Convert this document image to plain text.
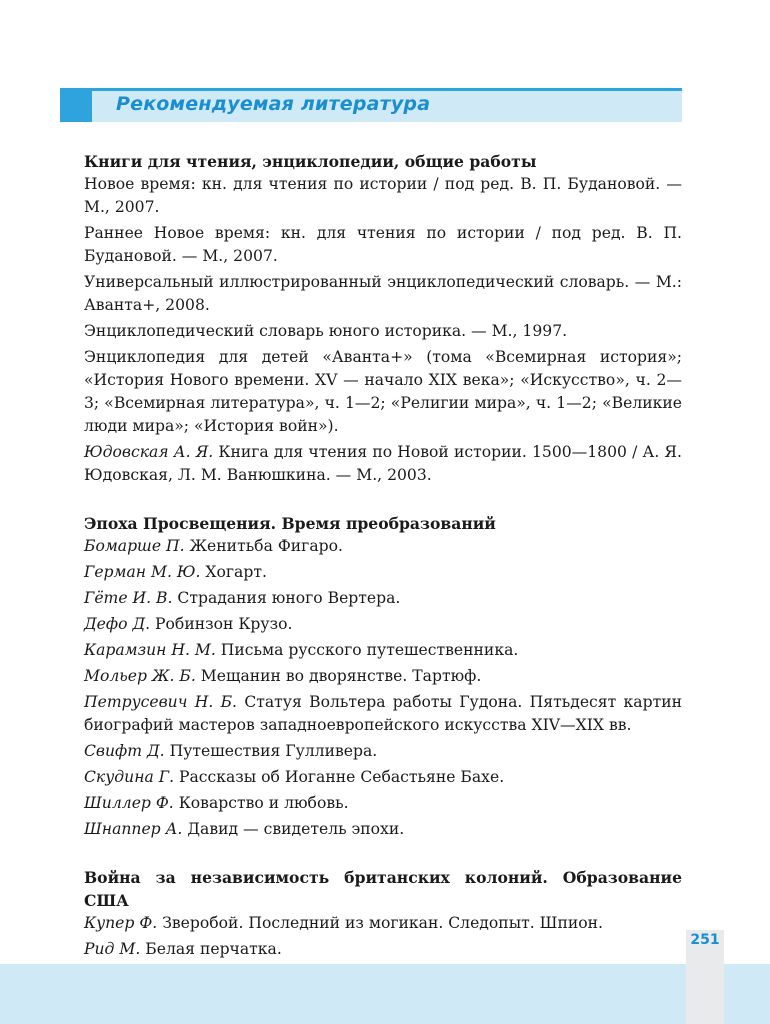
Рекомендуемая литература

Книги для чтения, энциклопедии, общие работы

Новое время: кн. для чтения по истории / под ред. В. П. Будановой. — М., 2007.

Раннее Новое время: кн. для чтения по истории / под ред. В. П. Будановой. — М., 2007.

Универсальный иллюстрированный энциклопедический словарь. — М.: Аванта+, 2008.

Энциклопедический словарь юного историка. — М., 1997.

Энциклопедия для детей «Аванта+» (тома «Всемирная история»; «История Нового времени. XV — начало XIX века»; «Искусство», ч. 2—3; «Всемирная литература», ч. 1—2; «Религии мира», ч. 1—2; «Великие люди мира»; «История войн»).

Юдовская А. Я. Книга для чтения по Новой истории. 1500—1800 / А. Я. Юдовская, Л. М. Ванюшкина. — М., 2003.

Эпоха Просвещения. Время преобразований

Бомарше П. Женитьба Фигаро.

Герман М. Ю. Хогарт.

Гёте И. В. Страдания юного Вертера.

Дефо Д. Робинзон Крузо.

Карамзин Н. М. Письма русского путешественника.

Мольер Ж. Б. Мещанин во дворянстве. Тартюф.

Петрусевич Н. Б. Статуя Вольтера работы Гудона. Пятьдесят картин биографий мастеров западноевропейского искусства XIV—XIX вв.

Свифт Д. Путешествия Гулливера.

Скудина Г. Рассказы об Иоганне Себастьяне Бахе.

Шиллер Ф. Коварство и любовь.

Шнаппер А. Давид — свидетель эпохи.

Война за независимость британских колоний. Образование США

Купер Ф. Зверобой. Последний из могикан. Следопыт. Шпион.

Рид М. Белая перчатка.	251
